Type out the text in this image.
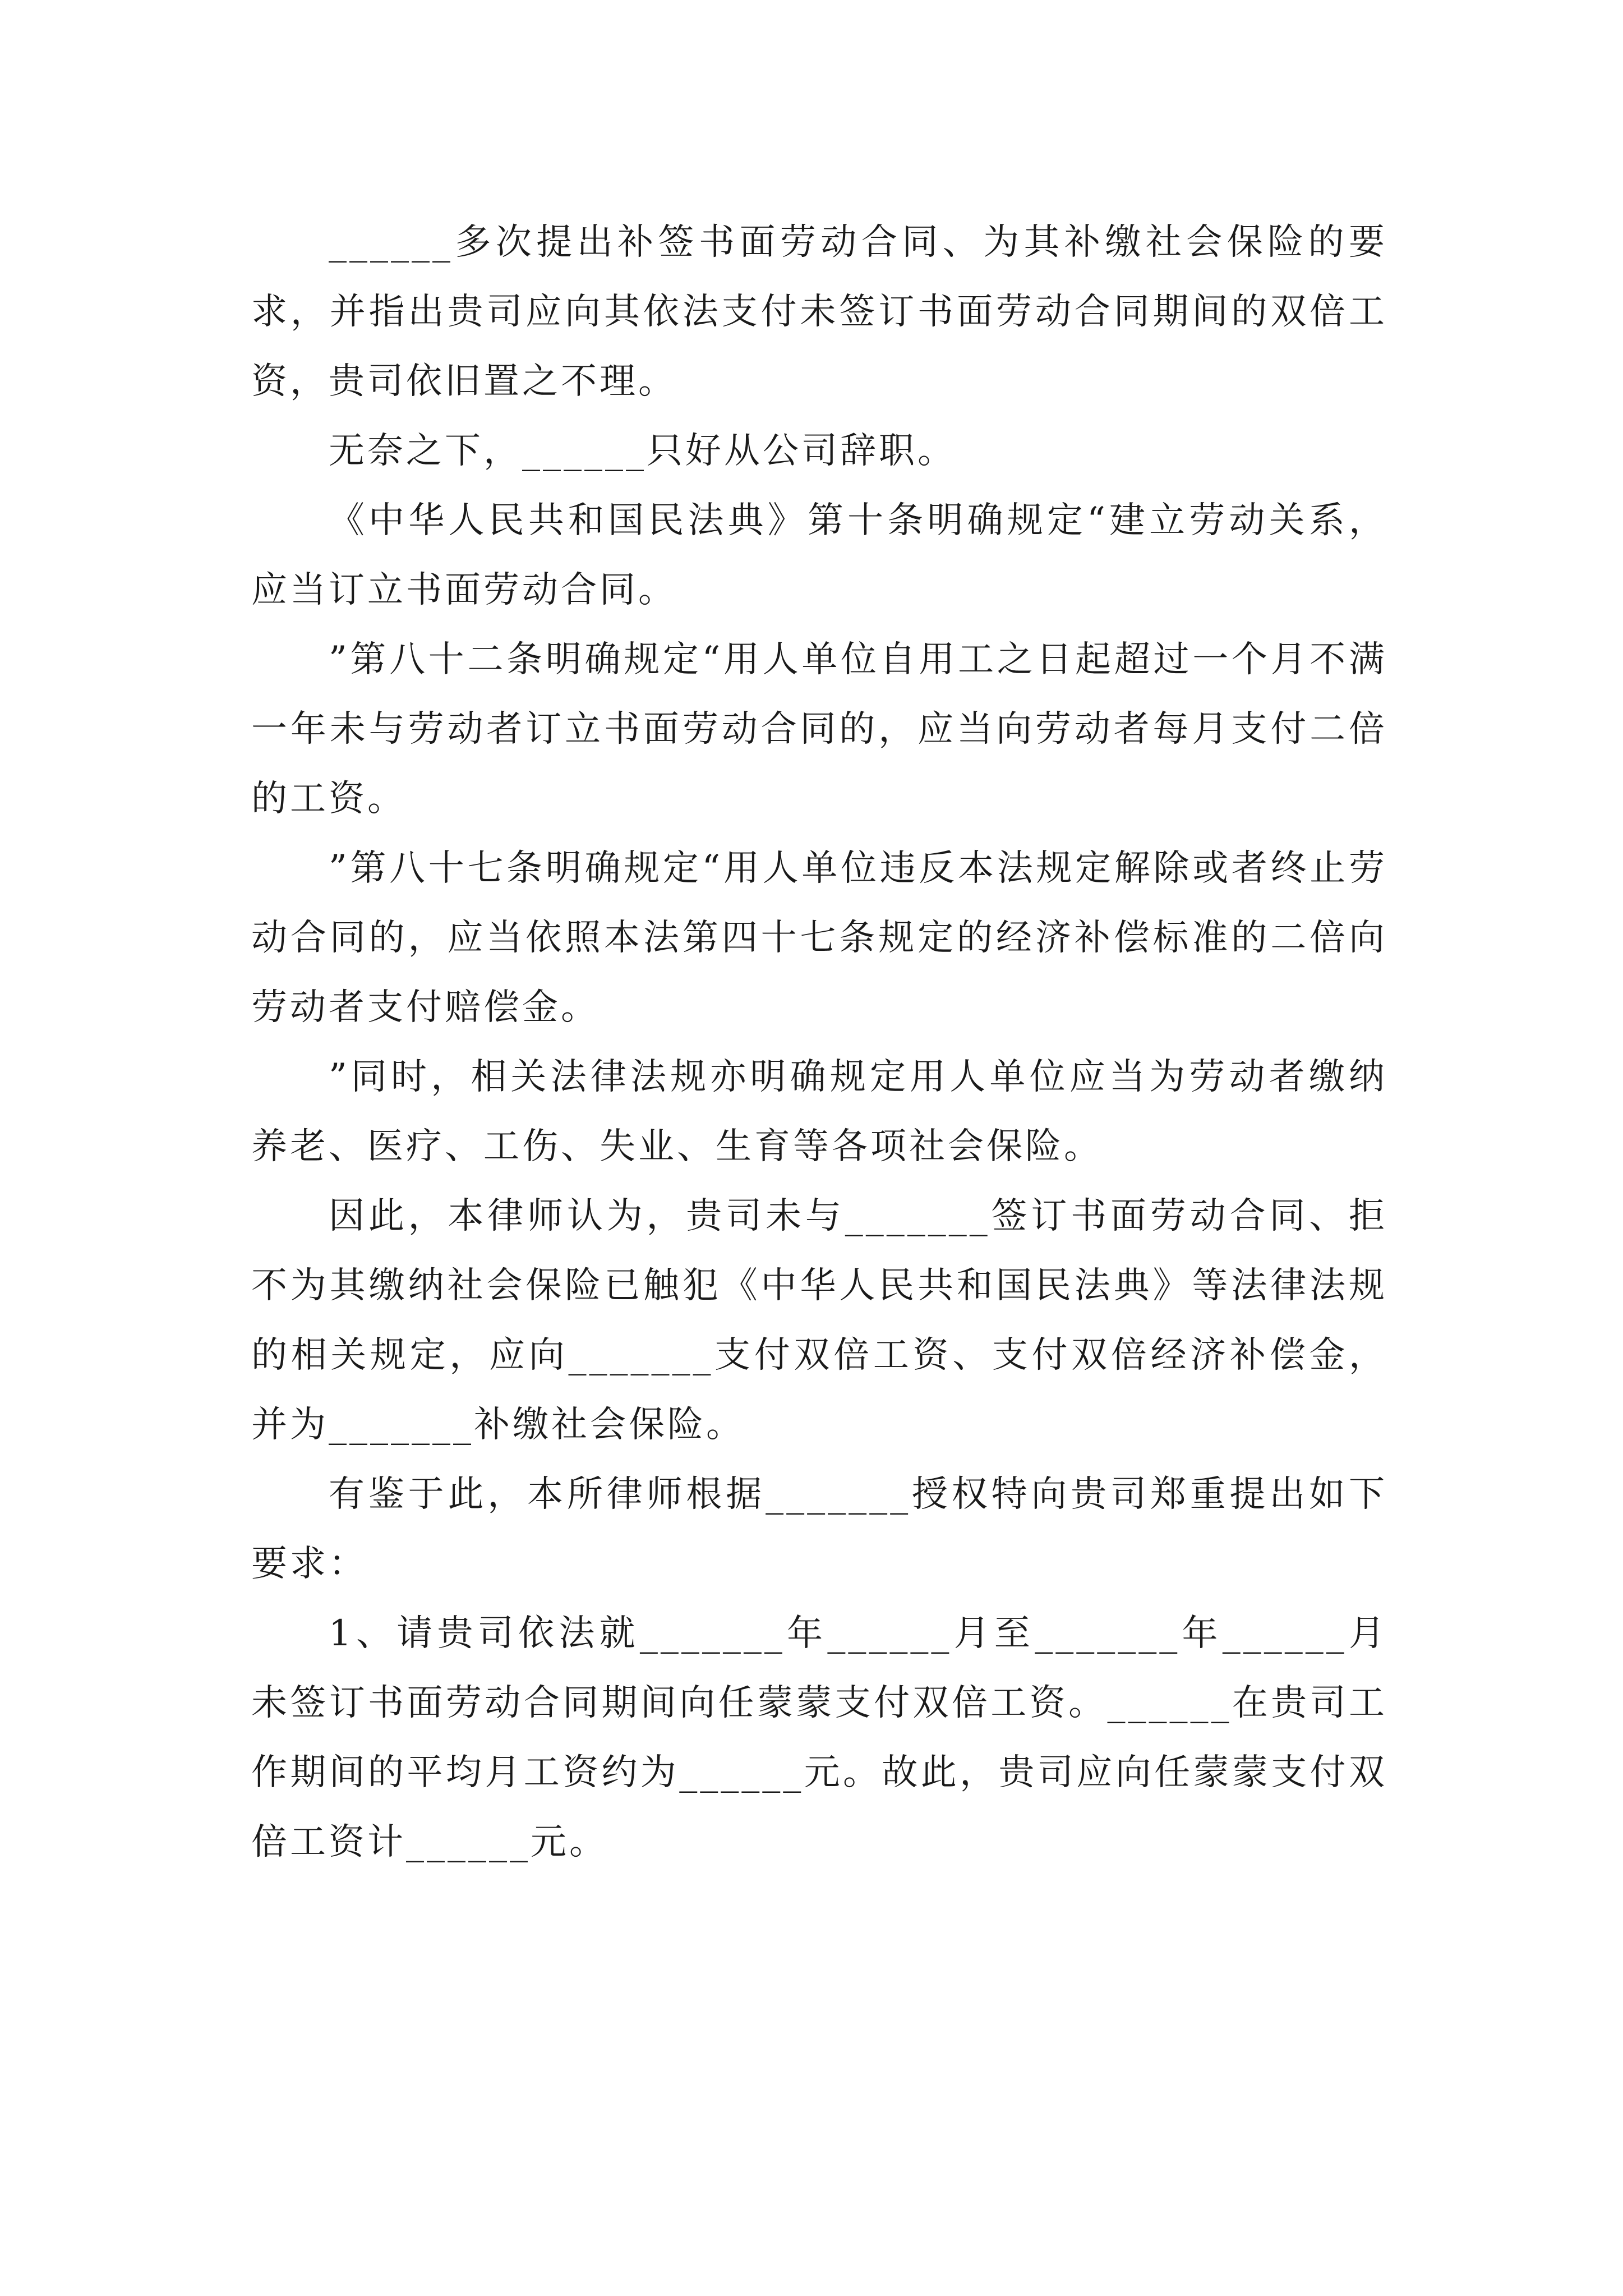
______多次提出补签书面劳动合同、为其补缴社会保险的要求，并指出贵司应向其依法支付未签订书面劳动合同期间的双倍工资，贵司依旧置之不理。

无奈之下，______只好从公司辞职。

《中华人民共和国民法典》第十条明确规定“建立劳动关系，应当订立书面劳动合同。

”第八十二条明确规定“用人单位自用工之日起超过一个月不满一年未与劳动者订立书面劳动合同的，应当向劳动者每月支付二倍的工资。

”第八十七条明确规定“用人单位违反本法规定解除或者终止劳动合同的，应当依照本法第四十七条规定的经济补偿标准的二倍向劳动者支付赔偿金。

”同时，相关法律法规亦明确规定用人单位应当为劳动者缴纳养老、医疗、工伤、失业、生育等各项社会保险。

因此，本律师认为，贵司未与_______签订书面劳动合同、拒不为其缴纳社会保险已触犯《中华人民共和国民法典》等法律法规的相关规定，应向_______支付双倍工资、支付双倍经济补偿金，并为_______补缴社会保险。

有鉴于此，本所律师根据_______授权特向贵司郑重提出如下要求：

1、请贵司依法就_______年______月至_______年______月未签订书面劳动合同期间向任蒙蒙支付双倍工资。______在贵司工作期间的平均月工资约为______元。故此，贵司应向任蒙蒙支付双倍工资计______元。
